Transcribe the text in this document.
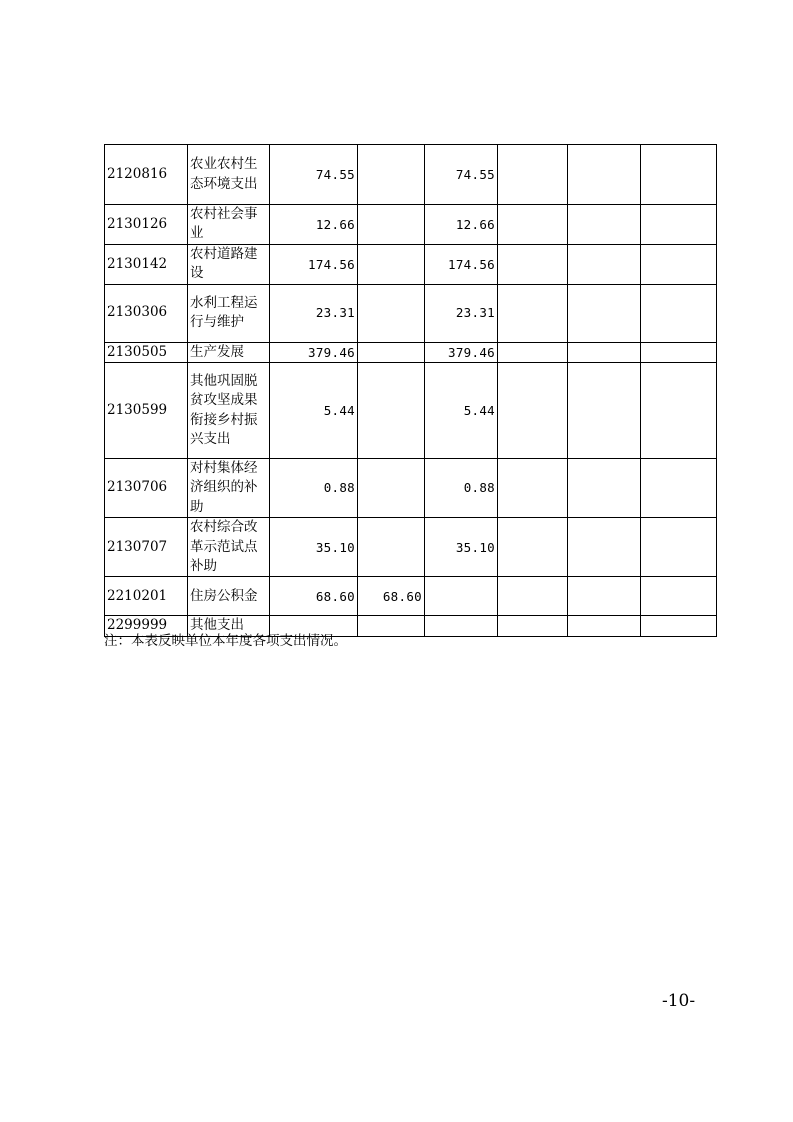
2120816	农业农村生态环境支出	74.55		74.55			
2130126	农村社会事业	12.66		12.66			
2130142	农村道路建设	174.56		174.56			
2130306	水利工程运行与维护	23.31		23.31			
2130505	生产发展	379.46		379.46			
2130599	其他巩固脱贫攻坚成果衔接乡村振兴支出	5.44		5.44			
2130706	对村集体经济组织的补助	0.88		0.88			
2130707	农村综合改革示范试点补助	35.10		35.10			
2210201	住房公积金	68.60	68.60				
2299999	其他支出						
注：本表反映单位本年度各项支出情况。
-10-
